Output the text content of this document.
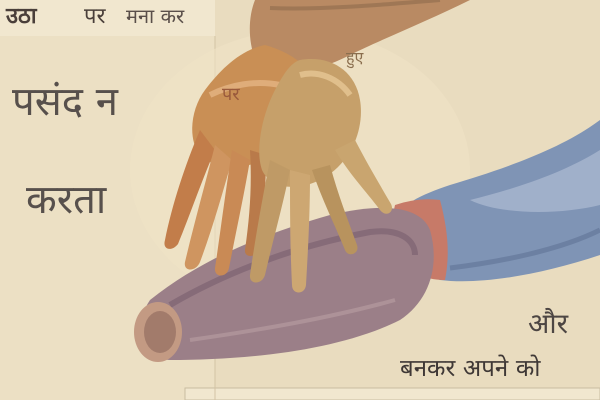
उठा पर मना कर
पसंद न
करता
पर
हुए
और
बनकर अपने को
